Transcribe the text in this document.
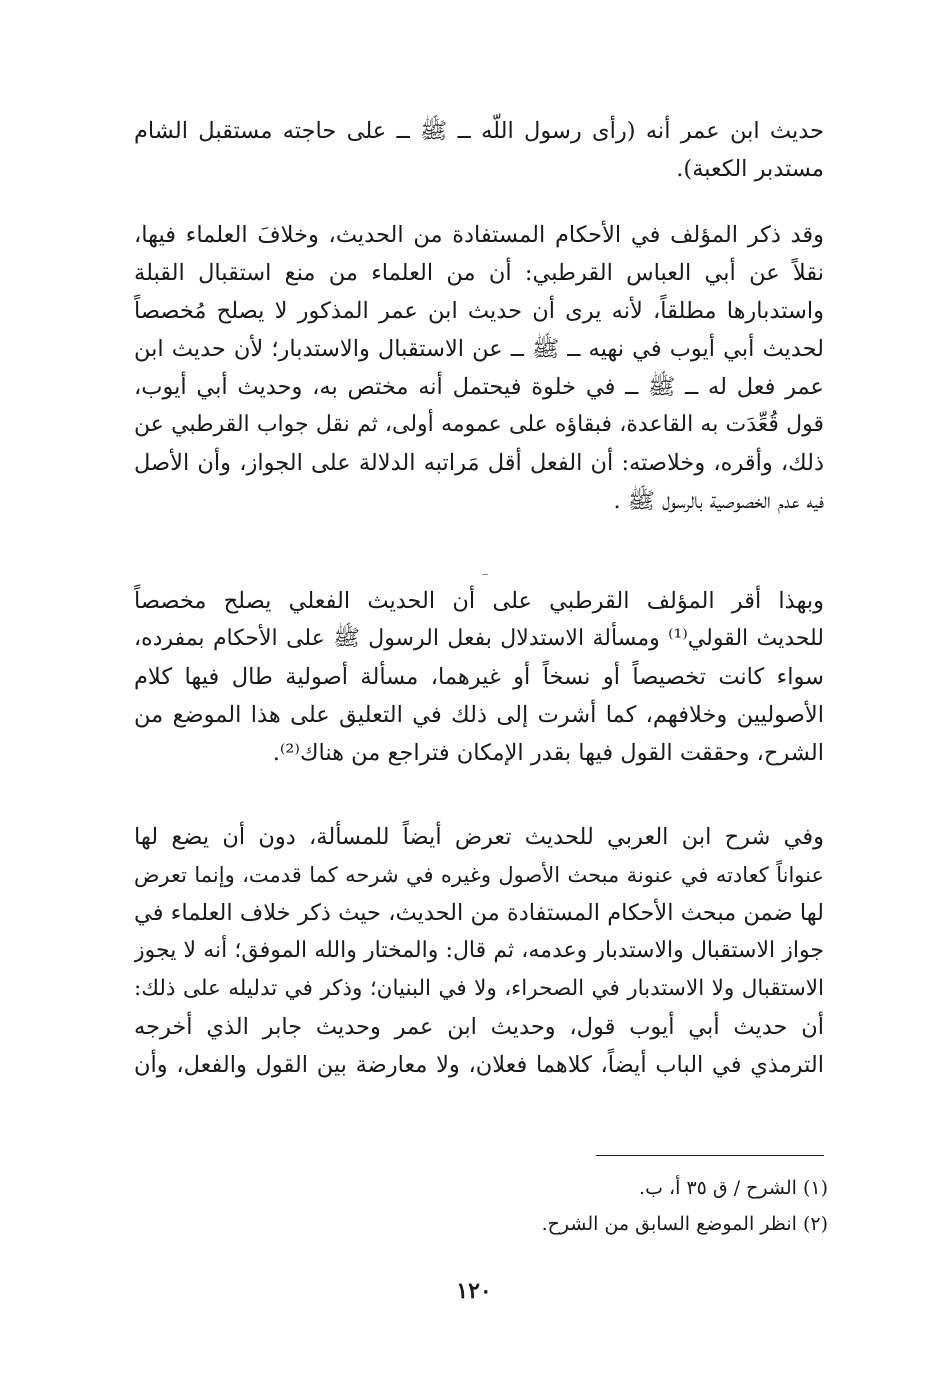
حديث ابن عمر أنه (رأى رسول اللّه ــ ﷺ ــ على حاجته مستقبل الشام
مستدبر الكعبة).
وقد ذكر المؤلف في الأحكام المستفادة من الحديث، وخلافَ العلماء فيها،
نقلاً عن أبي العباس القرطبي: أن من العلماء من منع استقبال القبلة
واستدبارها مطلقاً، لأنه يرى أن حديث ابن عمر المذكور لا يصلح مُخصصاً
لحديث أبي أيوب في نهيه ــ ﷺ ــ عن الاستقبال والاستدبار؛ لأن حديث ابن
عمر فعل له ــ ﷺ ــ في خلوة فيحتمل أنه مختص به، وحديث أبي أيوب،
قول قُعِّدَت به القاعدة، فبقاؤه على عمومه أولى، ثم نقل جواب القرطبي عن
ذلك، وأقره، وخلاصته: أن الفعل أقل مَراتبه الدلالة على الجواز، وأن الأصل
فيه عدم الخصوصية بالرسول ﷺ .
وبهذا أقر المؤلف القرطبي على أن الحديث الفعلي يصلح مخصصاً
للحديث القولي⁽¹⁾ ومسألة الاستدلال بفعل الرسول ﷺ على الأحكام بمفرده،
سواء كانت تخصيصاً أو نسخاً أو غيرهما، مسألة أصولية طال فيها كلام
الأصوليين وخلافهم، كما أشرت إلى ذلك في التعليق على هذا الموضع من
الشرح، وحققت القول فيها بقدر الإمكان فتراجع من هناك⁽²⁾.
وفي شرح ابن العربي للحديث تعرض أيضاً للمسألة، دون أن يضع لها
عنواناً كعادته في عنونة مبحث الأصول وغيره في شرحه كما قدمت، وإنما تعرض
لها ضمن مبحث الأحكام المستفادة من الحديث، حيث ذكر خلاف العلماء في
جواز الاستقبال والاستدبار وعدمه، ثم قال: والمختار والله الموفق؛ أنه لا يجوز
الاستقبال ولا الاستدبار في الصحراء، ولا في البنيان؛ وذكر في تدليله على ذلك:
أن حديث أبي أيوب قول، وحديث ابن عمر وحديث جابر الذي أخرجه
الترمذي في الباب أيضاً، كلاهما فعلان، ولا معارضة بين القول والفعل، وأن
(١) الشرح / ق ٣٥ أ، ب.
(٢) انظر الموضع السابق من الشرح.
١٢٠
